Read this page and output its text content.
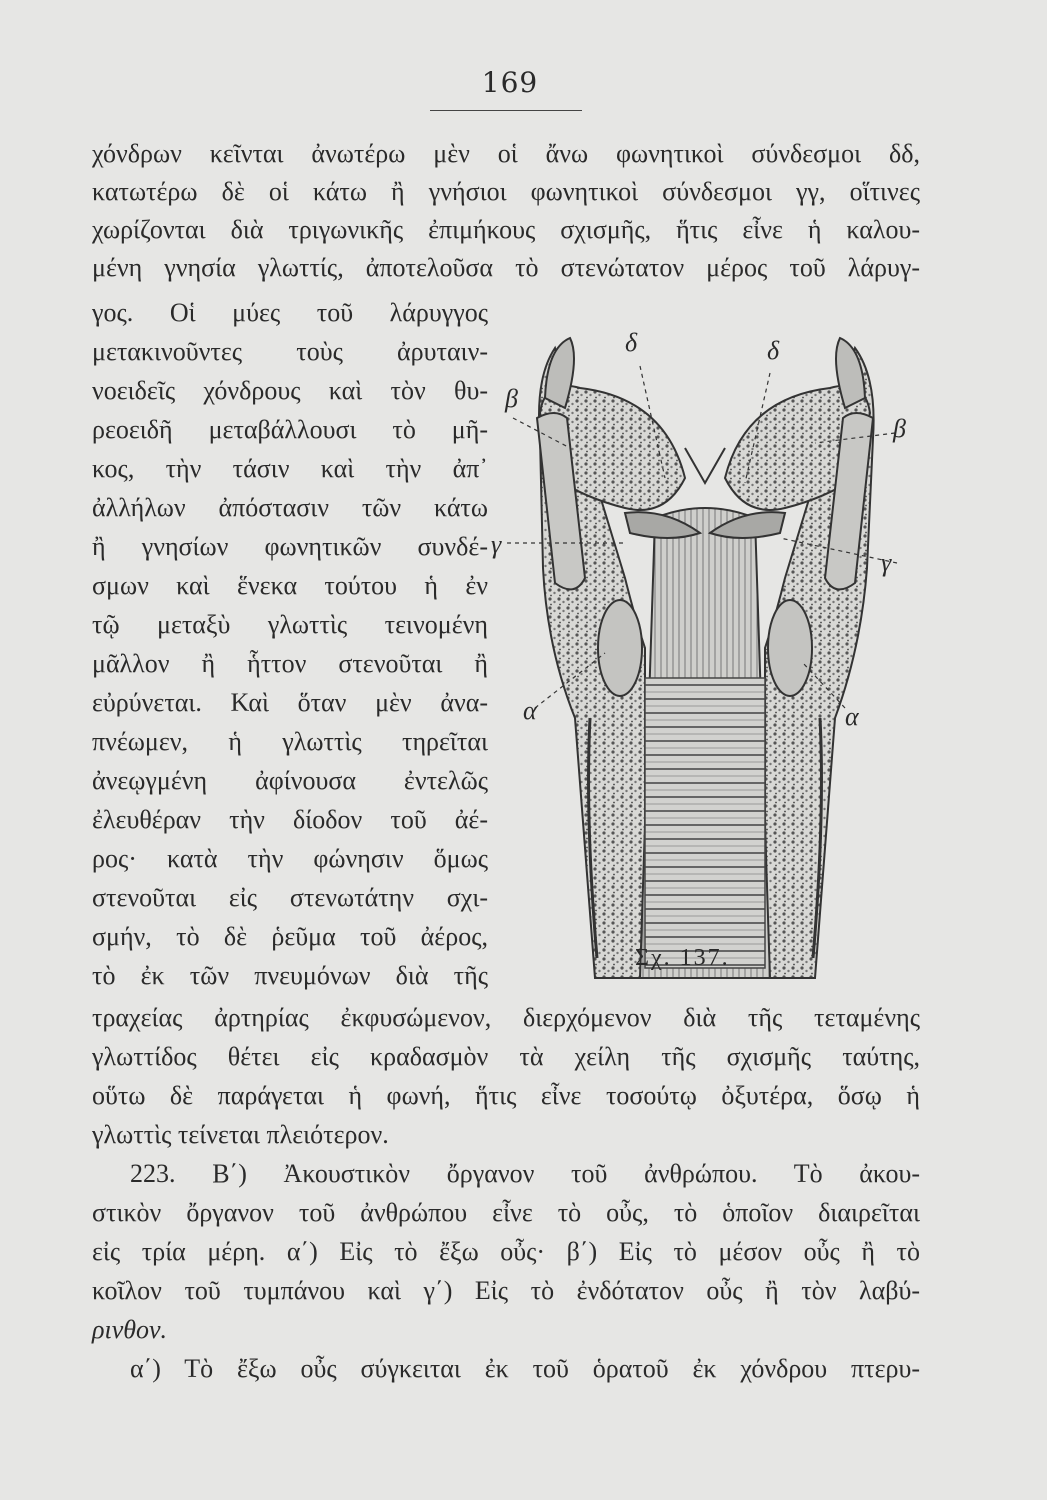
169
χόνδρων κεῖνται ἀνωτέρω μὲν οἱ ἄνω φωνητικοὶ σύνδεσμοι δδ,
κατωτέρω δὲ οἱ κάτω ἢ γνήσιοι φωνητικοὶ σύνδεσμοι γγ, οἵτινες
χωρίζονται διὰ τριγωνικῆς ἐπιμήκους σχισμῆς, ἥτις εἶνε ἡ καλου-
μένη γνησία γλωττίς, ἀποτελοῦσα τὸ στενώτατον μέρος τοῦ λάρυγ-
γος. Οἱ μύες τοῦ λάρυγγος
μετακινοῦντες τοὺς ἀρυταιν-
νοειδεῖς χόνδρους καὶ τὸν θυ-
ρεοειδῆ μεταβάλλουσι τὸ μῆ-
κος, τὴν τάσιν καὶ τὴν ἀπ᾿
ἀλλήλων ἀπόστασιν τῶν κάτω
ἢ γνησίων φωνητικῶν συνδέ-
σμων καὶ ἕνεκα τούτου ἡ ἐν
τῷ μεταξὺ γλωττὶς τεινομένη
μᾶλλον ἢ ἧττον στενοῦται ἢ
εὐρύνεται. Καὶ ὅταν μὲν ἀνα-
πνέωμεν, ἡ γλωττὶς τηρεῖται
ἀνεῳγμένη ἀφίνουσα ἐντελῶς
ἐλευθέραν τὴν δίοδον τοῦ ἀέ-
ρος· κατὰ τὴν φώνησιν ὅμως
στενοῦται εἰς στενωτάτην σχι-
σμήν, τὸ δὲ ῥεῦμα τοῦ ἀέρος,
τὸ ἐκ τῶν πνευμόνων διὰ τῆς
δ	δ
β
β
γ
γ
α	α
Σχ. 137.
τραχείας ἀρτηρίας ἐκφυσώμενον, διερχόμενον διὰ τῆς τεταμένης
γλωττίδος θέτει εἰς κραδασμὸν τὰ χείλη τῆς σχισμῆς ταύτης,
οὕτω δὲ παράγεται ἡ φωνή, ἥτις εἶνε τοσούτῳ ὀξυτέρα, ὅσῳ ἡ
γλωττὶς τείνεται πλειότερον.
223. Β΄) Ἀκουστικὸν ὄργανον τοῦ ἀνθρώπου. Τὸ ἀκου-
στικὸν ὄργανον τοῦ ἀνθρώπου εἶνε τὸ οὖς, τὸ ὁποῖον διαιρεῖται
εἰς τρία μέρη. α΄) Εἰς τὸ ἔξω οὖς· β΄) Εἰς τὸ μέσον οὖς ἢ τὸ
κοῖλον τοῦ τυμπάνου καὶ γ΄) Εἰς τὸ ἐνδότατον οὖς ἢ τὸν λαβύ-
ρινθον.
α΄) Τὸ ἔξω οὖς σύγκειται ἐκ τοῦ ὁρατοῦ ἐκ χόνδρου πτερυ-
